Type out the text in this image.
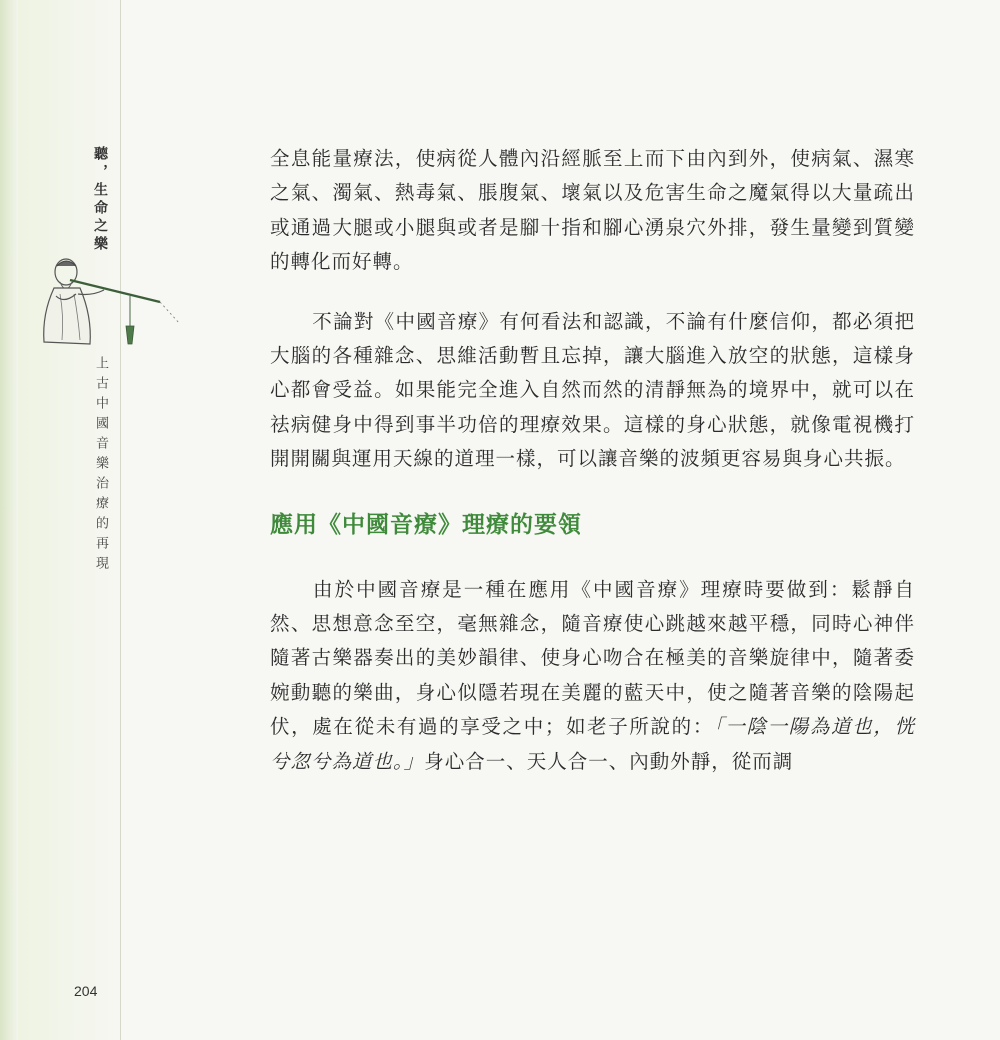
聽，生命之樂
上古中國音樂治療的再現
204

全息能量療法，使病從人體內沿經脈至上而下由內到外，使病氣、濕寒之氣、濁氣、熱毒氣、脹腹氣、壞氣以及危害生命之魔氣得以大量疏出或通過大腿或小腿與或者是腳十指和腳心湧泉穴外排，發生量變到質變的轉化而好轉。

不論對《中國音療》有何看法和認識，不論有什麼信仰，都必須把大腦的各種雜念、思維活動暫且忘掉，讓大腦進入放空的狀態，這樣身心都會受益。如果能完全進入自然而然的清靜無為的境界中，就可以在祛病健身中得到事半功倍的理療效果。這樣的身心狀態，就像電視機打開開關與運用天線的道理一樣，可以讓音樂的波頻更容易與身心共振。

應用《中國音療》理療的要領

由於中國音療是一種在應用《中國音療》理療時要做到：鬆靜自然、思想意念至空，毫無雜念，隨音療使心跳越來越平穩，同時心神伴隨著古樂器奏出的美妙韻律、使身心吻合在極美的音樂旋律中，隨著委婉動聽的樂曲，身心似隱若現在美麗的藍天中，使之隨著音樂的陰陽起伏，處在從未有過的享受之中；如老子所說的：「一陰一陽為道也，恍兮忽兮為道也。」身心合一、天人合一、內動外靜，從而調
